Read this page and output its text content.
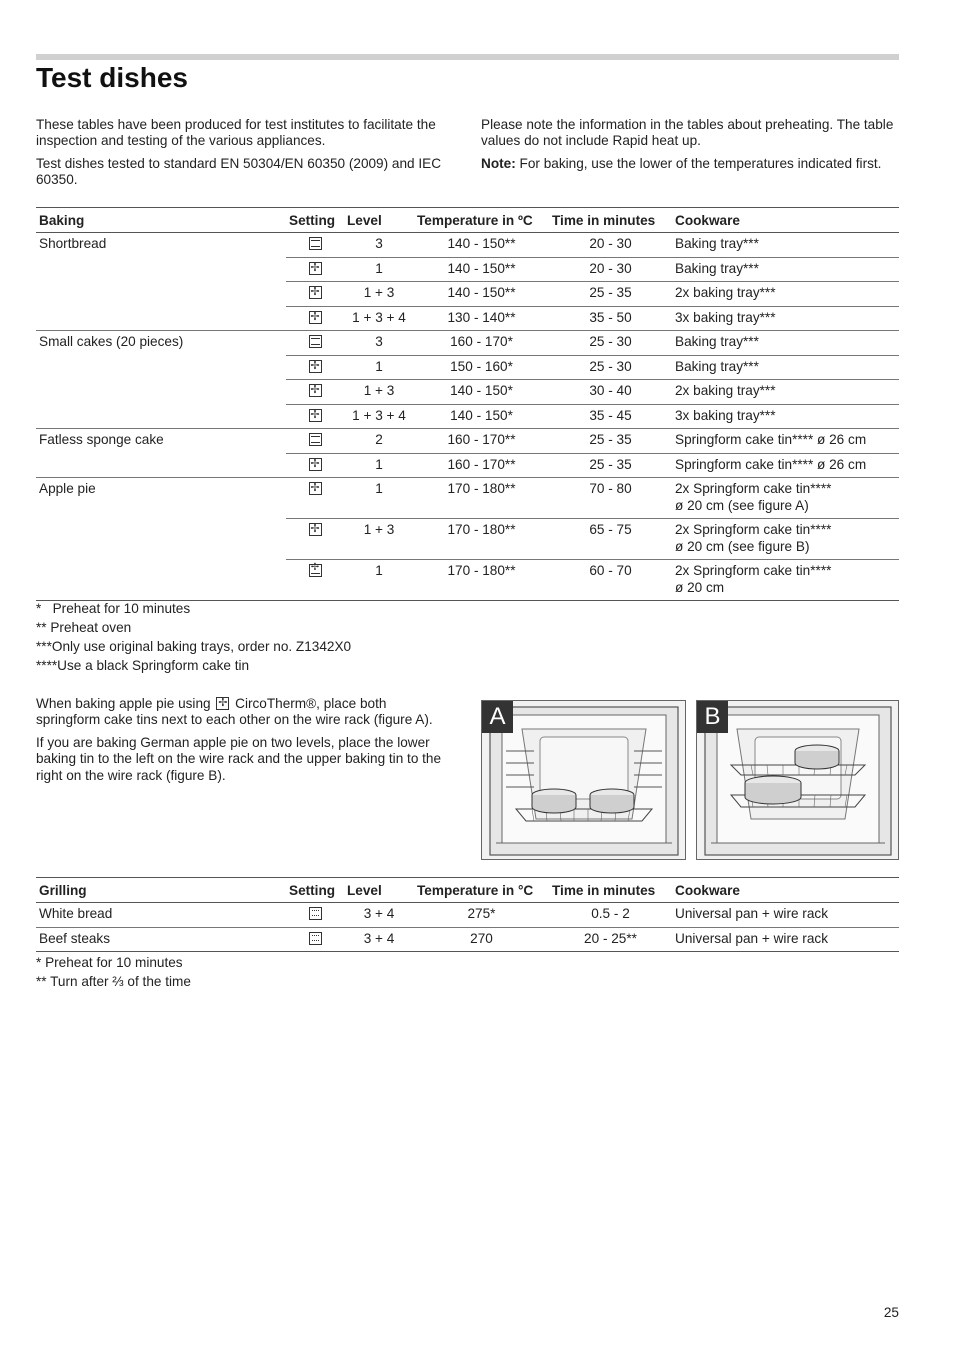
Test dishes

These tables have been produced for test institutes to facilitate the inspection and testing of the various appliances.

Test dishes tested to standard EN 50304/EN 60350 (2009) and IEC 60350.

Please note the information in the tables about preheating. The table values do not include Rapid heat up.

Note: For baking, use the lower of the temperatures indicated first.

Baking	Setting	Level	Temperature in ºC	Time in minutes	Cookware
Shortbread		3	140 - 150**	20 - 30	Baking tray***

	✢	1	140 - 150**	20 - 30	Baking tray***

	✢	1 + 3	140 - 150**	25 - 35	2x baking tray***

	✢	1 + 3 + 4	130 - 140**	35 - 50	3x baking tray***

Small cakes (20 pieces)		3	160 - 170*	25 - 30	Baking tray***

	✢	1	150 - 160*	25 - 30	Baking tray***

	✢	1 + 3	140 - 150*	30 - 40	2x baking tray***

	✢	1 + 3 + 4	140 - 150*	35 - 45	3x baking tray***

Fatless sponge cake		2	160 - 170**	25 - 35	Springform cake tin**** ø 26 cm

	✢	1	160 - 170**	25 - 35	Springform cake tin**** ø 26 cm

Apple pie	✢	1	170 - 180**	70 - 80	2x Springform cake tin****
ø 20 cm (see figure A)

	✢	1 + 3	170 - 180**	65 - 75	2x Springform cake tin****
ø 20 cm (see figure B)

	✢	1	170 - 180**	60 - 70	2x Springform cake tin****
ø 20 cm
*   Preheat for 10 minutes
** Preheat oven
***Only use original baking trays, order no. Z1342X0
****Use a black Springform cake tin

When baking apple pie using ✢ CircoTherm®, place both springform cake tins next to each other on the wire rack (figure A).

If you are baking German apple pie on two levels, place the lower baking tin to the left on the wire rack and the upper baking tin to the right on the wire rack (figure B).

A	B
Grilling	Setting	Level	Temperature in °C	Time in minutes	Cookware
White bread		3 + 4	275*	0.5 - 2	Universal pan + wire rack

Beef steaks		3 + 4	270	20 - 25**	Universal pan + wire rack
* Preheat for 10 minutes
** Turn after ⅔ of the time
25
